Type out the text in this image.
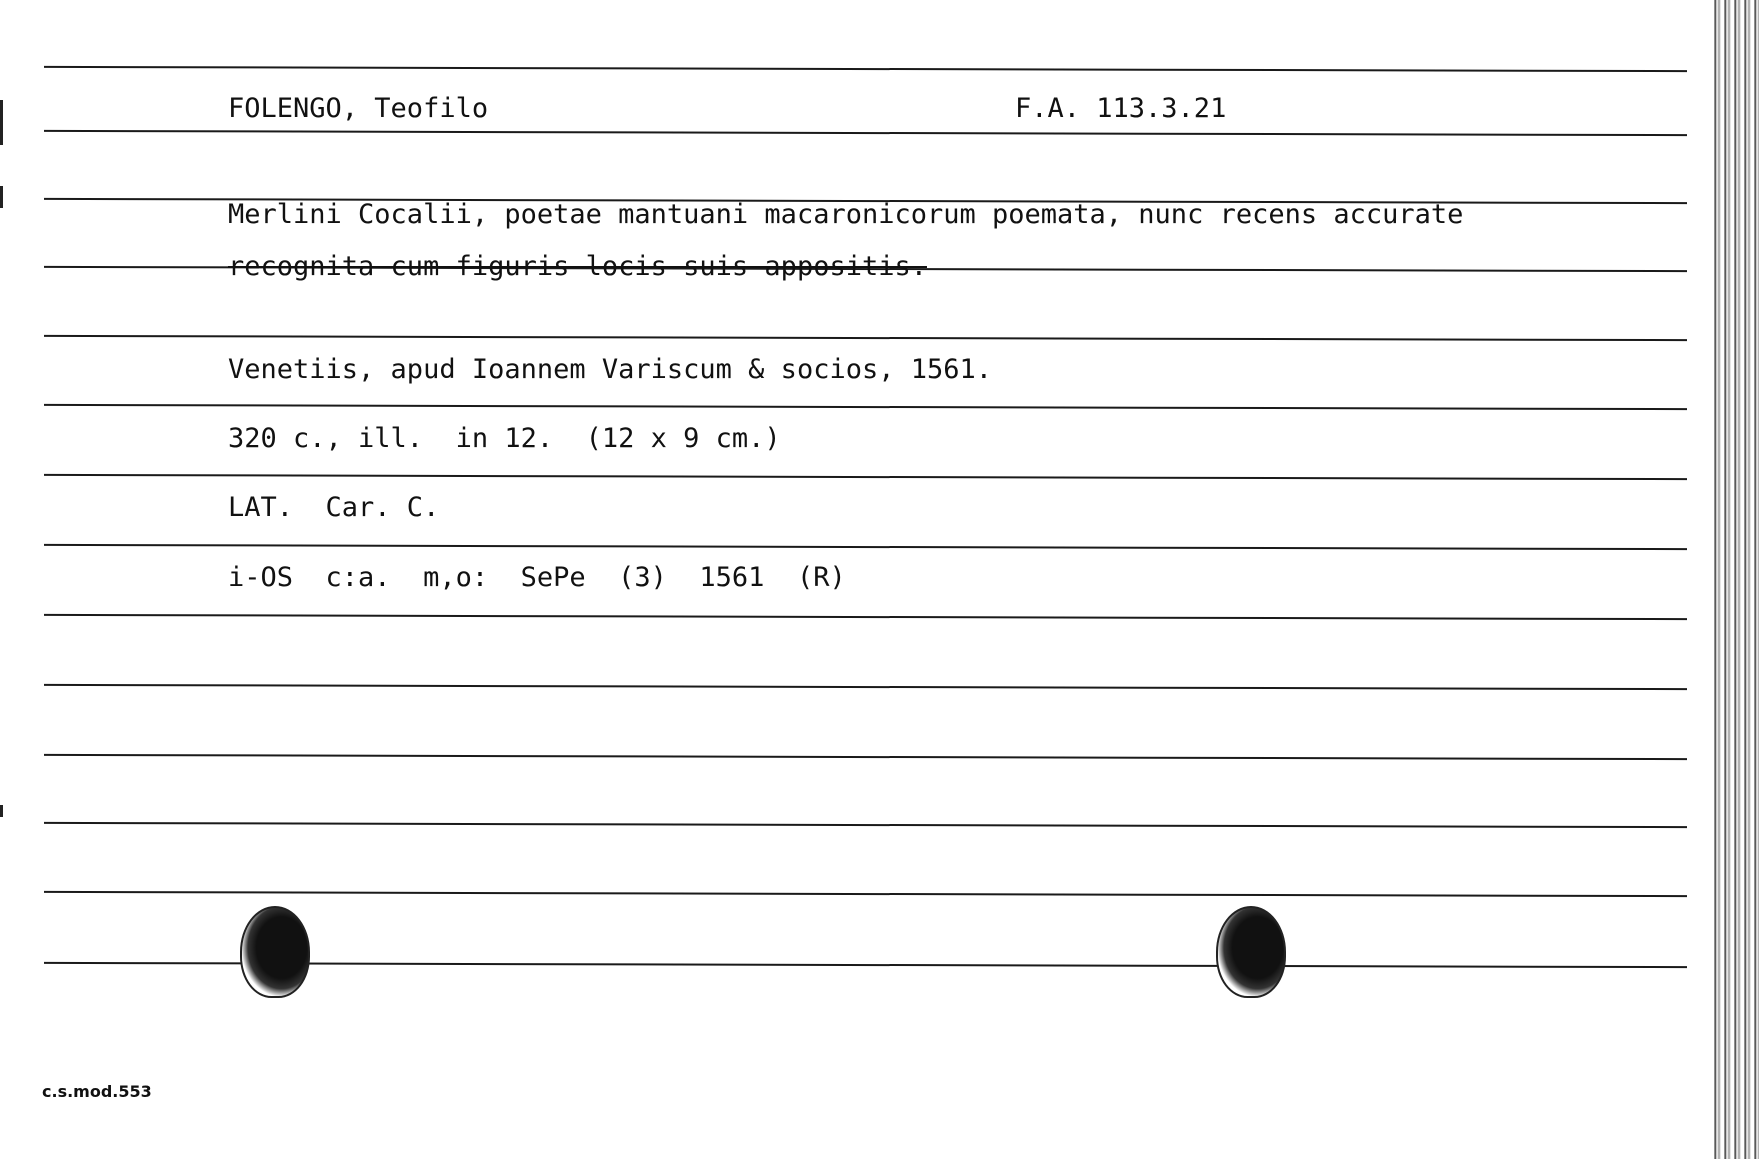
FOLENGO, Teofilo	F.A. 113.3.21
Merlini Cocalii, poetae mantuani macaronicorum poemata, nunc recens accurate
recognita cum figuris locis suis appositis.
Venetiis, apud Ioannem Variscum & socios, 1561.
320 c., ill.  in 12.  (12 x 9 cm.)
LAT.  Car. C.
i-OS  c:a.  m,o:  SePe  (3)  1561  (R)
c.s.mod.553
